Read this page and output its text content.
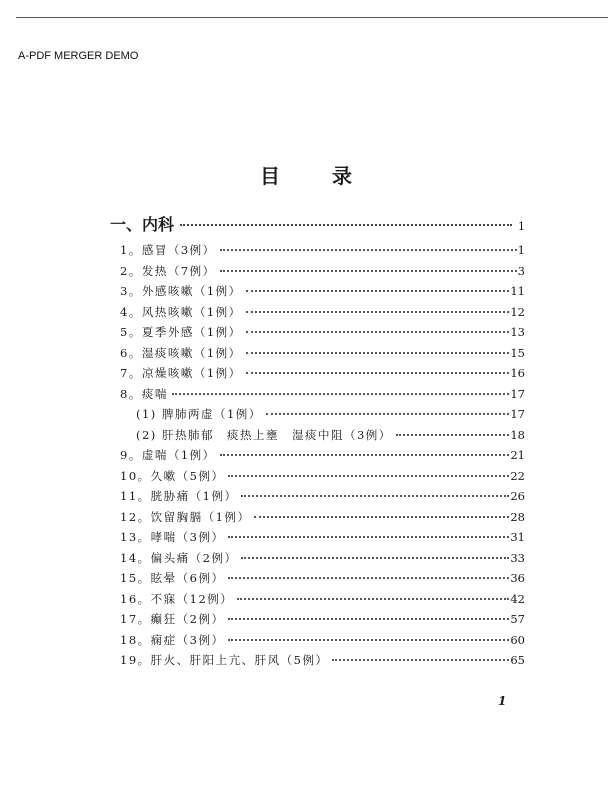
A-PDF MERGER DEMO
目	录
一、内科	1
1。感冒（3例）	1
2。发热（7例）	3
3。外感咳嗽（1例）	11
4。风热咳嗽（1例）	12
5。夏季外感（1例）	13
6。湿痰咳嗽（1例）	15
7。凉燥咳嗽（1例）	16
8。痰喘	17
(1) 脾肺两虚（1例）	17
(2) 肝热肺郁　痰热上壅　湿痰中阻（3例）	18
9。虚喘（1例）	21
10。久嗽（5例）	22
11。胱胁痛（1例）	26
12。饮留胸膈（1例）	28
13。哮喘（3例）	31
14。偏头痛（2例）	33
15。眩晕（6例）	36
16。不寐（12例）	42
17。癫狂（2例）	57
18。痫症（3例）	60
19。肝火、肝阳上亢、肝风（5例）	65
1
